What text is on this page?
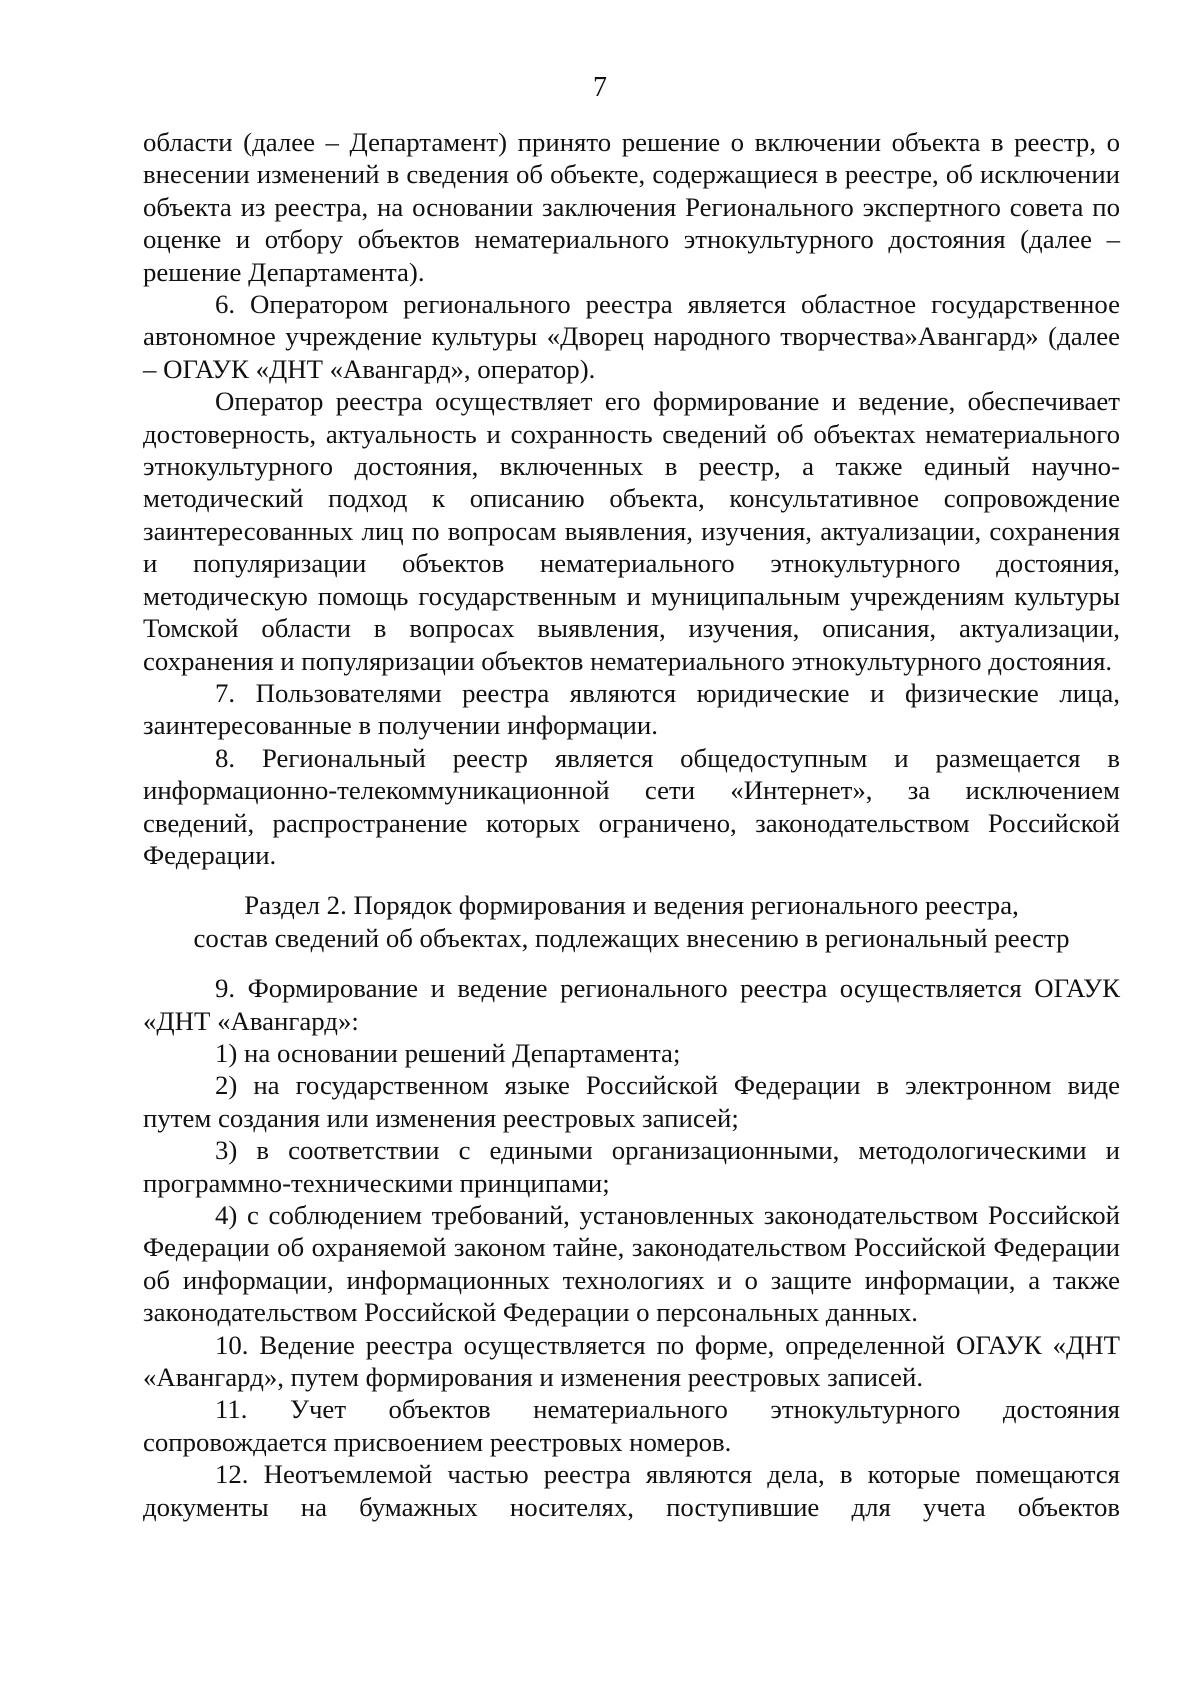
7

области (далее – Департамент) принято решение о включении объекта в реестр, о внесении изменений в сведения об объекте, содержащиеся в реестре, об исключении объекта из реестра, на основании заключения Регионального экспертного совета по оценке и отбору объектов нематериального этнокультурного достояния (далее – решение Департамента).

6. Оператором регионального реестра является областное государственное автономное учреждение культуры «Дворец народного творчества»Авангард» (далее – ОГАУК «ДНТ «Авангард», оператор).

Оператор реестра осуществляет его формирование и ведение, обеспечивает достоверность, актуальность и сохранность сведений об объектах нематериального этнокультурного достояния, включенных в реестр, а также единый научно-методический подход к описанию объекта, консультативное сопровождение заинтересованных лиц по вопросам выявления, изучения, актуализации, сохранения и популяризации объектов нематериального этнокультурного достояния, методическую помощь государственным и муниципальным учреждениям культуры Томской области в вопросах выявления, изучения, описания, актуализации, сохранения и популяризации объектов нематериального этнокультурного достояния.

7. Пользователями реестра являются юридические и физические лица, заинтересованные в получении информации.

8. Региональный реестр является общедоступным и размещается в информационно-телекоммуникационной сети «Интернет», за исключением сведений, распространение которых ограничено, законодательством Российской Федерации.

Раздел 2. Порядок формирования и ведения регионального реестра,
состав сведений об объектах, подлежащих внесению в региональный реестр

9. Формирование и ведение регионального реестра осуществляется ОГАУК «ДНТ «Авангард»:

1) на основании решений Департамента;

2) на государственном языке Российской Федерации в электронном виде путем создания или изменения реестровых записей;

3) в соответствии с едиными организационными, методологическими и программно-техническими принципами;

4) с соблюдением требований, установленных законодательством Российской Федерации об охраняемой законом тайне, законодательством Российской Федерации об информации, информационных технологиях и о защите информации, а также законодательством Российской Федерации о персональных данных.

10. Ведение реестра осуществляется по форме, определенной ОГАУК «ДНТ «Авангард», путем формирования и изменения реестровых записей.

11. Учет объектов нематериального этнокультурного достояния сопровождается присвоением реестровых номеров.

12. Неотъемлемой частью реестра являются дела, в которые помещаются документы на бумажных носителях, поступившие для учета объектов
